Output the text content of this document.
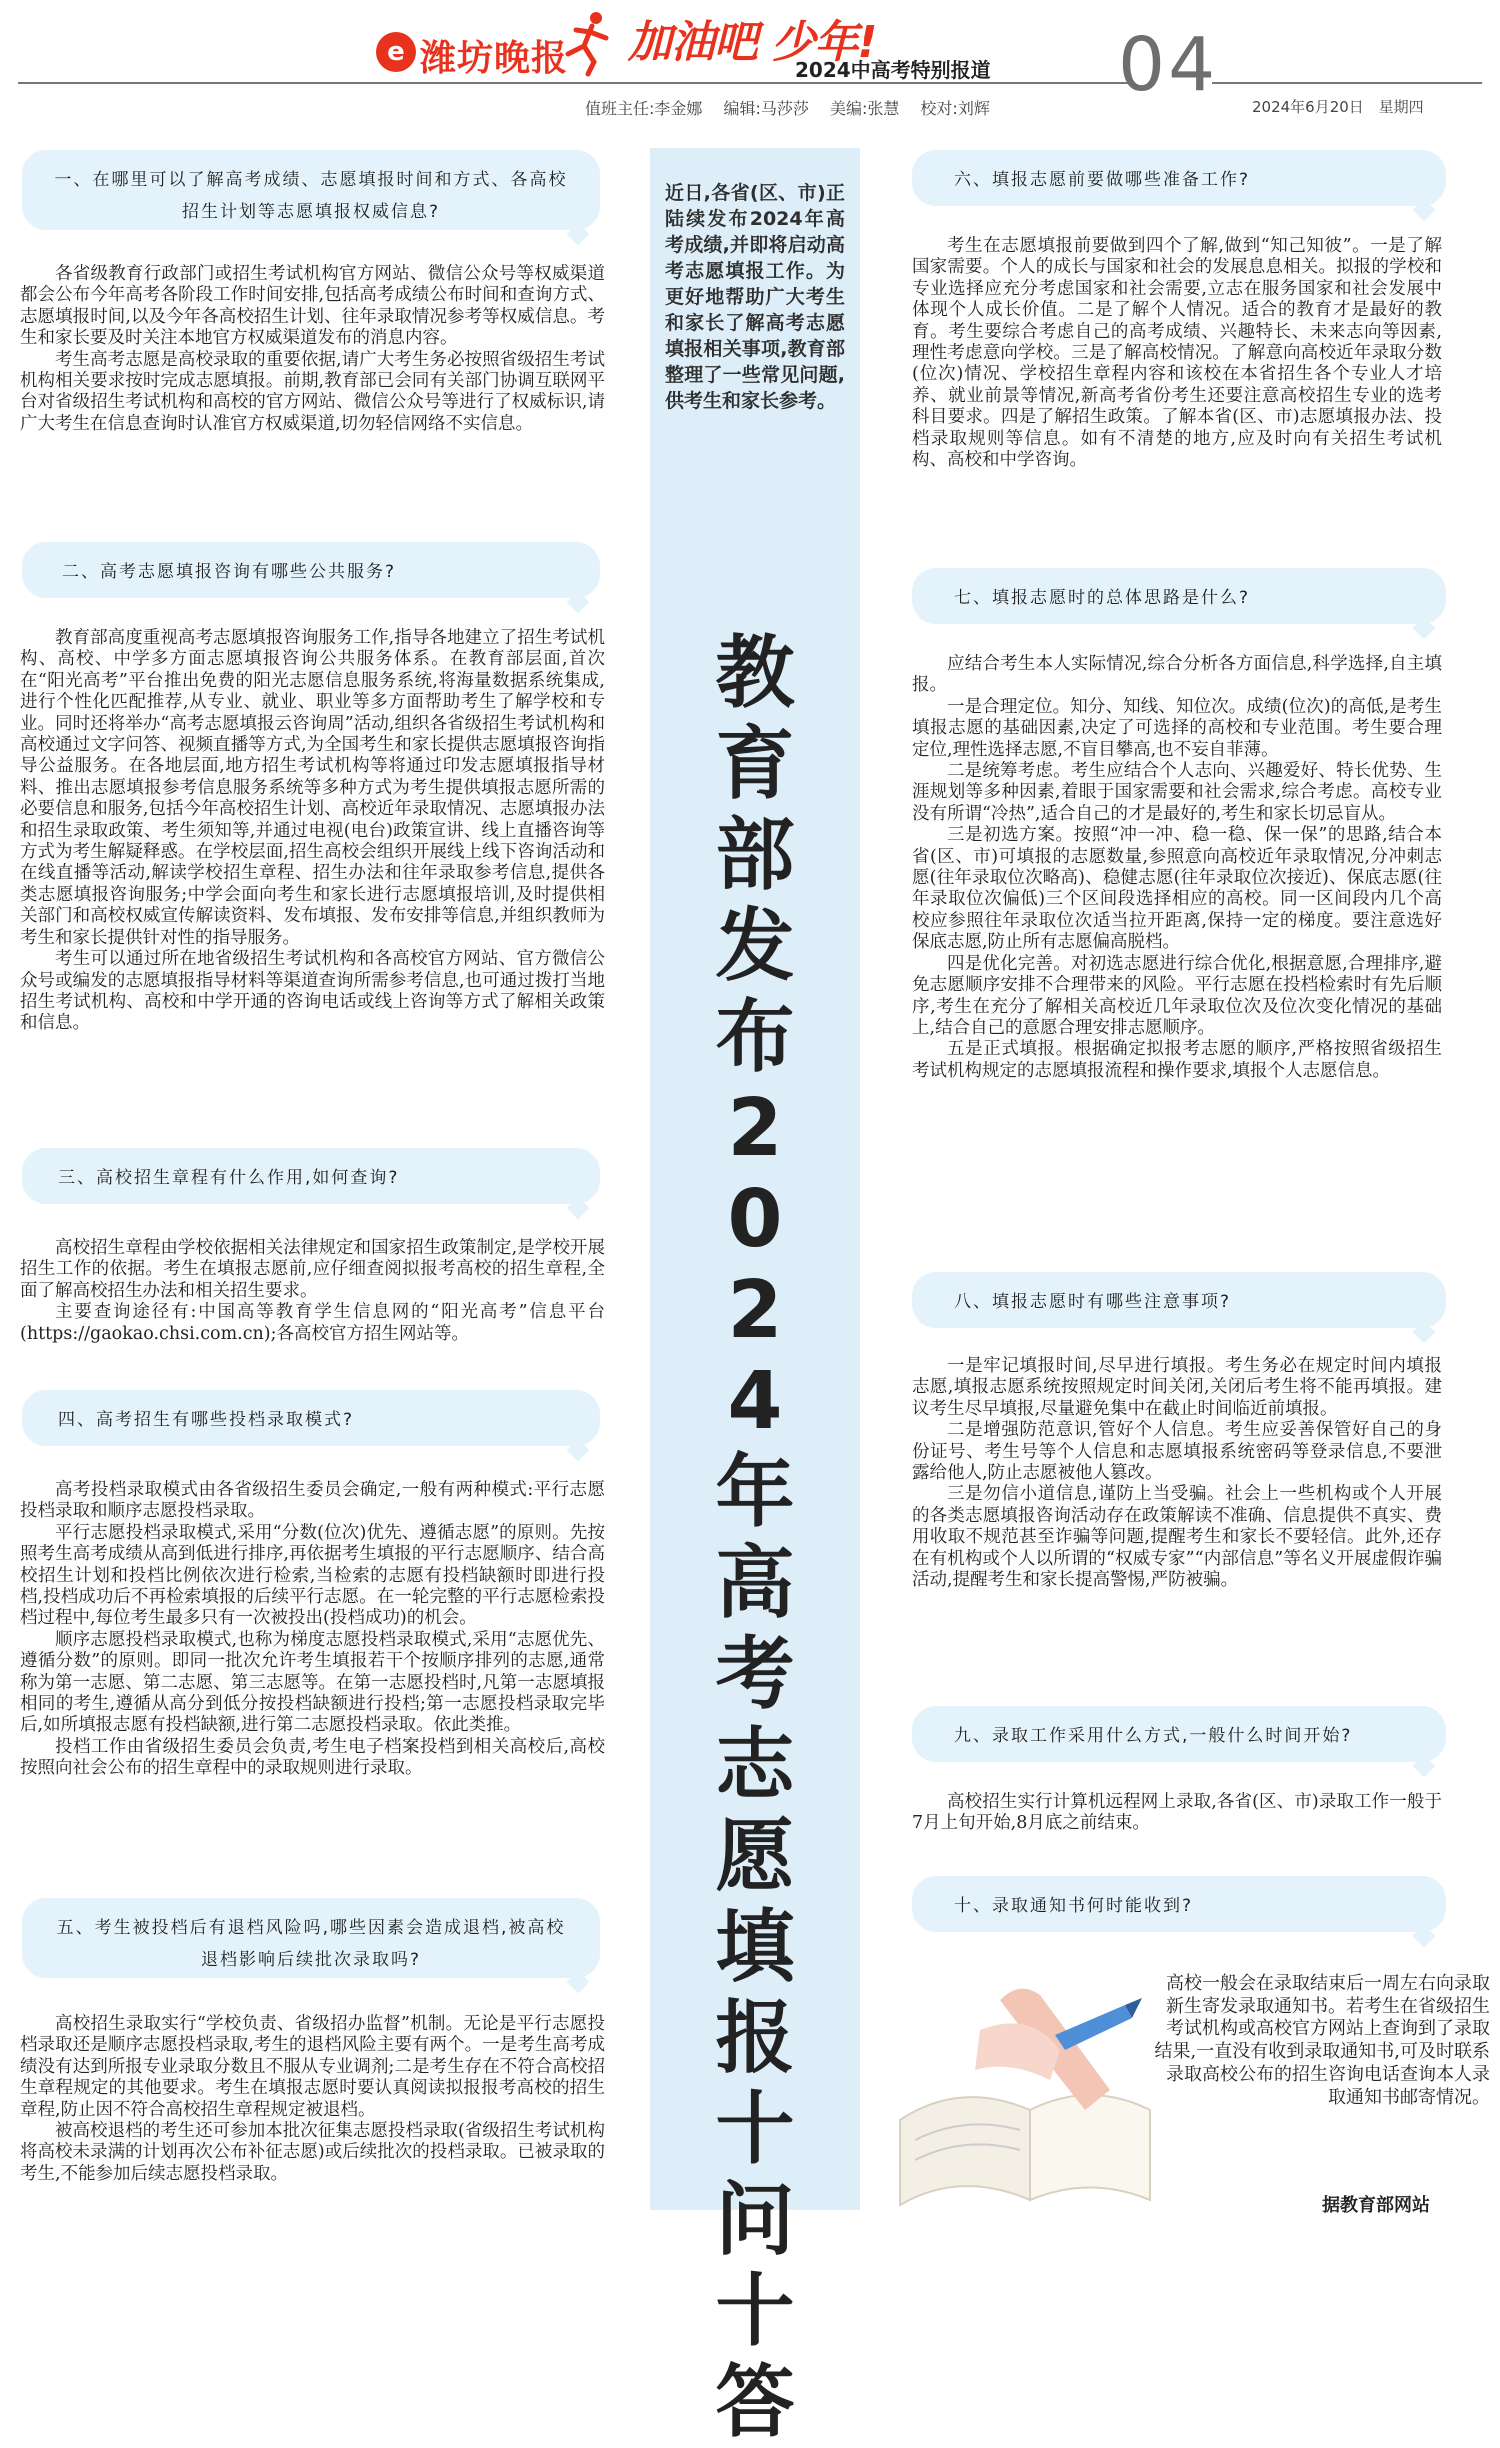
e 潍坊晚报 加油吧 少年!
2024中高考特别报道 04
值班主任:李金娜 编辑:马莎莎 美编:张慧 校对:刘辉	2024年6月20日 星期四
近日,各省(区、市)正陆续发布2024年高考成绩,并即将启动高考志愿填报工作。为更好地帮助广大考生和家长了解高考志愿填报相关事项,教育部整理了一些常见问题,供考生和家长参考。
教育部发布2024年高考志愿填报十问十答
一、在哪里可以了解高考成绩、志愿填报时间和方式、各高校招生计划等志愿填报权威信息?

各省级教育行政部门或招生考试机构官方网站、微信公众号等权威渠道都会公布今年高考各阶段工作时间安排,包括高考成绩公布时间和查询方式、志愿填报时间,以及今年各高校招生计划、往年录取情况参考等权威信息。考生和家长要及时关注本地官方权威渠道发布的消息内容。

考生高考志愿是高校录取的重要依据,请广大考生务必按照省级招生考试机构相关要求按时完成志愿填报。前期,教育部已会同有关部门协调互联网平台对省级招生考试机构和高校的官方网站、微信公众号等进行了权威标识,请广大考生在信息查询时认准官方权威渠道,切勿轻信网络不实信息。

二、高考志愿填报咨询有哪些公共服务?

教育部高度重视高考志愿填报咨询服务工作,指导各地建立了招生考试机构、高校、中学多方面志愿填报咨询公共服务体系。在教育部层面,首次在“阳光高考”平台推出免费的阳光志愿信息服务系统,将海量数据系统集成,进行个性化匹配推荐,从专业、就业、职业等多方面帮助考生了解学校和专业。同时还将举办“高考志愿填报云咨询周”活动,组织各省级招生考试机构和高校通过文字问答、视频直播等方式,为全国考生和家长提供志愿填报咨询指导公益服务。在各地层面,地方招生考试机构等将通过印发志愿填报指导材料、推出志愿填报参考信息服务系统等多种方式为考生提供填报志愿所需的必要信息和服务,包括今年高校招生计划、高校近年录取情况、志愿填报办法和招生录取政策、考生须知等,并通过电视(电台)政策宣讲、线上直播咨询等方式为考生解疑释惑。在学校层面,招生高校会组织开展线上线下咨询活动和在线直播等活动,解读学校招生章程、招生办法和往年录取参考信息,提供各类志愿填报咨询服务;中学会面向考生和家长进行志愿填报培训,及时提供相关部门和高校权威宣传解读资料、发布填报、发布安排等信息,并组织教师为考生和家长提供针对性的指导服务。

考生可以通过所在地省级招生考试机构和各高校官方网站、官方微信公众号或编发的志愿填报指导材料等渠道查询所需参考信息,也可通过拨打当地招生考试机构、高校和中学开通的咨询电话或线上咨询等方式了解相关政策和信息。

三、高校招生章程有什么作用,如何查询?

高校招生章程由学校依据相关法律规定和国家招生政策制定,是学校开展招生工作的依据。考生在填报志愿前,应仔细查阅拟报考高校的招生章程,全面了解高校招生办法和相关招生要求。

主要查询途径有:中国高等教育学生信息网的“阳光高考”信息平台(https://gaokao.chsi.com.cn);各高校官方招生网站等。

四、高考招生有哪些投档录取模式?

高考投档录取模式由各省级招生委员会确定,一般有两种模式:平行志愿投档录取和顺序志愿投档录取。

平行志愿投档录取模式,采用“分数(位次)优先、遵循志愿”的原则。先按照考生高考成绩从高到低进行排序,再依据考生填报的平行志愿顺序、结合高校招生计划和投档比例依次进行检索,当检索的志愿有投档缺额时即进行投档,投档成功后不再检索填报的后续平行志愿。在一轮完整的平行志愿检索投档过程中,每位考生最多只有一次被投出(投档成功)的机会。

顺序志愿投档录取模式,也称为梯度志愿投档录取模式,采用“志愿优先、遵循分数”的原则。即同一批次允许考生填报若干个按顺序排列的志愿,通常称为第一志愿、第二志愿、第三志愿等。在第一志愿投档时,凡第一志愿填报相同的考生,遵循从高分到低分按投档缺额进行投档;第一志愿投档录取完毕后,如所填报志愿有投档缺额,进行第二志愿投档录取。依此类推。

投档工作由省级招生委员会负责,考生电子档案投档到相关高校后,高校按照向社会公布的招生章程中的录取规则进行录取。

五、考生被投档后有退档风险吗,哪些因素会造成退档,被高校退档影响后续批次录取吗?

高校招生录取实行“学校负责、省级招办监督”机制。无论是平行志愿投档录取还是顺序志愿投档录取,考生的退档风险主要有两个。一是考生高考成绩没有达到所报专业录取分数且不服从专业调剂;二是考生存在不符合高校招生章程规定的其他要求。考生在填报志愿时要认真阅读拟报报考高校的招生章程,防止因不符合高校招生章程规定被退档。

被高校退档的考生还可参加本批次征集志愿投档录取(省级招生考试机构将高校未录满的计划再次公布补征志愿)或后续批次的投档录取。已被录取的考生,不能参加后续志愿投档录取。

六、填报志愿前要做哪些准备工作?

考生在志愿填报前要做到四个了解,做到“知己知彼”。一是了解国家需要。个人的成长与国家和社会的发展息息相关。拟报的学校和专业选择应充分考虑国家和社会需要,立志在服务国家和社会发展中体现个人成长价值。二是了解个人情况。适合的教育才是最好的教育。考生要综合考虑自己的高考成绩、兴趣特长、未来志向等因素,理性考虑意向学校。三是了解高校情况。了解意向高校近年录取分数(位次)情况、学校招生章程内容和该校在本省招生各个专业人才培养、就业前景等情况,新高考省份考生还要注意高校招生专业的选考科目要求。四是了解招生政策。了解本省(区、市)志愿填报办法、投档录取规则等信息。如有不清楚的地方,应及时向有关招生考试机构、高校和中学咨询。

七、填报志愿时的总体思路是什么?

应结合考生本人实际情况,综合分析各方面信息,科学选择,自主填报。

一是合理定位。知分、知线、知位次。成绩(位次)的高低,是考生填报志愿的基础因素,决定了可选择的高校和专业范围。考生要合理定位,理性选择志愿,不盲目攀高,也不妄自菲薄。

二是统筹考虑。考生应结合个人志向、兴趣爱好、特长优势、生涯规划等多种因素,着眼于国家需要和社会需求,综合考虑。高校专业没有所谓“冷热”,适合自己的才是最好的,考生和家长切忌盲从。

三是初选方案。按照“冲一冲、稳一稳、保一保”的思路,结合本省(区、市)可填报的志愿数量,参照意向高校近年录取情况,分冲刺志愿(往年录取位次略高)、稳健志愿(往年录取位次接近)、保底志愿(往年录取位次偏低)三个区间段选择相应的高校。同一区间段内几个高校应参照往年录取位次适当拉开距离,保持一定的梯度。要注意选好保底志愿,防止所有志愿偏高脱档。

四是优化完善。对初选志愿进行综合优化,根据意愿,合理排序,避免志愿顺序安排不合理带来的风险。平行志愿在投档检索时有先后顺序,考生在充分了解相关高校近几年录取位次及位次变化情况的基础上,结合自己的意愿合理安排志愿顺序。

五是正式填报。根据确定拟报考志愿的顺序,严格按照省级招生考试机构规定的志愿填报流程和操作要求,填报个人志愿信息。

八、填报志愿时有哪些注意事项?

一是牢记填报时间,尽早进行填报。考生务必在规定时间内填报志愿,填报志愿系统按照规定时间关闭,关闭后考生将不能再填报。建议考生尽早填报,尽量避免集中在截止时间临近前填报。

二是增强防范意识,管好个人信息。考生应妥善保管好自己的身份证号、考生号等个人信息和志愿填报系统密码等登录信息,不要泄露给他人,防止志愿被他人篡改。

三是勿信小道信息,谨防上当受骗。社会上一些机构或个人开展的各类志愿填报咨询活动存在政策解读不准确、信息提供不真实、费用收取不规范甚至诈骗等问题,提醒考生和家长不要轻信。此外,还存在有机构或个人以所谓的“权威专家”“内部信息”等名义开展虚假诈骗活动,提醒考生和家长提高警惕,严防被骗。

九、录取工作采用什么方式,一般什么时间开始?

高校招生实行计算机远程网上录取,各省(区、市)录取工作一般于7月上旬开始,8月底之前结束。

十、录取通知书何时能收到?
高校一般会在录取结束后一周左右向录取新生寄发录取通知书。若考生在省级招生考试机构或高校官方网站上查询到了录取结果,一直没有收到录取通知书,可及时联系录取高校公布的招生咨询电话查询本人录取通知书邮寄情况。
据教育部网站
